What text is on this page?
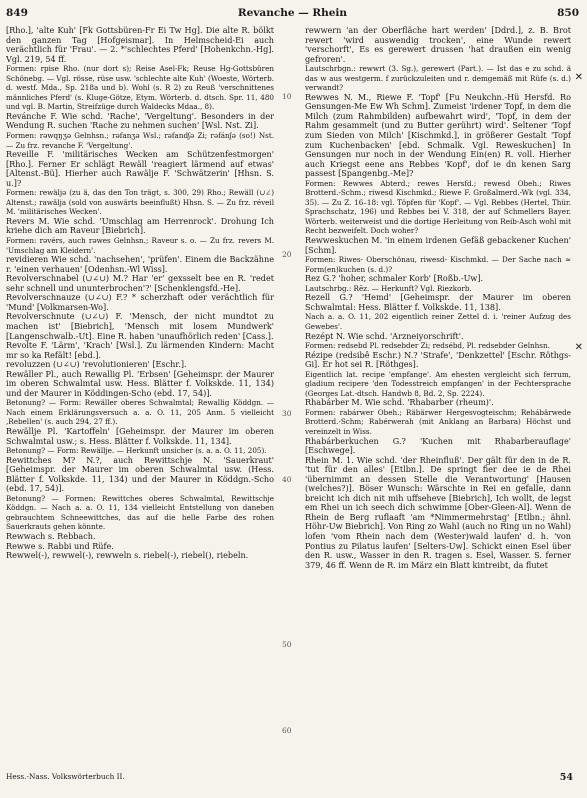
849	Revanche — Rhein	850

[Rho.], 'alte Kuh' [Fk Gottsbüren-Fr Ei Tw Hg]. Die alte R. bölkt den ganzen Tag [Hofgeismar]. In Helmscheid-Ei auch verächtlich für 'Frau'. — 2. *'schlechtes Pferd' [Hohenkchn.-Hg]. Vgl. 219, 54 ff.

Formen: rpise Rho. (nur dort s); Reise Asel-Fk; Reuse Hg-Gottsbüren Schönebg. — Vgl. rösse, rüse usw. 'schlechte alte Kuh' (Woeste, Wörterb. d. westf. Mda., Sp. 218a und b). Wohl (s. R 2) zu Reuß 'verschnittenes männliches Pferd' (s. Kluge-Götze, Etym. Wörterb. d. dtsch. Spr. 11, 480 und vgl. B. Martin, Streifzüge durch Waldecks Mdaa., 8).

Revánche F. Wie schd. 'Rache', 'Vergeltung'. Besonders in der Wendung R. suchen 'Rache zu nehmen suchen' [Wsl. Nst. Zi].

Formen: rəwqŋʒə Gelnhsn.; rəfanʒə Wsl.; rəfandʃə Zi; rəfánʃə (so!) Nst. — Zu frz. revanche F. 'Vergeltung'.

Reveille F. 'militärisches Wecken am Schützenfestmorgen' [Rho.]. Ferner Er schlägt Rewäll 'reagiert lärmend auf etwas' [Altenst.-Bü]. Hierher auch Rawälje F. 'Schwätzerin' [Hhsn. S. u.]?

Formen: rewäljə (zu ä, das den Ton trägt, s. 300, 29) Rho.; Rewäll (∪∠) Altenst.; rawälja (sold von auswärts beeinflußt) Hhsn. S. — Zu frz. réveil M. 'militärisches Wecken'.

Revers M. Wie schd. 'Umschlag am Herrenrock'. Drohung Ich kriehe dich am Raveur [Biebrich].

Formen: rəvérs, auch rəwes Gelnhsn.; Raveur s. o. — Zu frz. revers M. 'Umschlag am Kleidern'.

revidieren Wie schd. 'nachsehen', 'prüfen'. Einem die Backzähne r. 'einen verhauen' [Odenhsn.-Wl Wiss].

Revolverschnabel (∪∠∪) M.? Har 'er' gexsselt bee en R. 'redet sehr schnell und ununterbrochen'?' [Schenklengsfd.-He].

Revolverschnauze (∪∠∪) F.? * scherzhaft oder verächtlich für 'Mund' [Volkmarsen-Wo].

Revolverschnute (∪∠∪) F. 'Mensch, der nicht mundtot zu machen ist' [Biebrich], 'Mensch mit losem Mundwerk' [Langenschwalb.-Ut]. Eine R. haben 'unaufhörlich reden' [Cass.].

Revolte F. 'Lärm', 'Krach' [Wsl.]. Zu lärmenden Kindern: Macht mr so ka Refält! [ebd.].

revoluzzen (∪∠∪) 'revolutionieren' [Eschr.].

Rewäller Pl., auch Rewallig Pl. 'Erbsen' [Geheimspr. der Maurer im oberen Schwalmtal usw. Hess. Blätter f. Volkskde. 11, 134) und der Maurer in Köddingen-Scho (ebd. 17, 54)].

Betonung? — Form: Rewäller oberes Schwalmtal; Rewallig Köddgn. — Nach einem Erklärungsversuch a. a. O. 11, 205 Anm. 5 vielleicht ‚Rebellen' (s. auch 294, 27 ff.).

Rewällje Pl. 'Kartoffeln' [Geheimspr. der Maurer im oberen Schwalmtal usw.; s. Hess. Blätter f. Volkskde. 11, 134].

Betonung? — Form: Rewällje. — Herkunft unsicher (s. a. a. O. 11, 205).

Rewittches M? N.?, auch Rewittschje N. 'Sauerkraut' [Geheimspr. der Maurer im oberen Schwalmtal usw. (Hess. Blätter f. Volkskde. 11, 134) und der Maurer in Köddgn.-Scho (ebd. 17, 54)].

Betonung? — Formen: Rewittches oberes Schwalmtal, Rewittschje Köddgn. — Nach a. a. O. 11, 134 vielleicht Entstellung von daneben gebrauchtem Schneewittches, das auf die helle Farbe des rohen Sauerkrauts gehen könnte.

Rewwach s. Rebbach.

Rewwe s. Rabbi und Rüfe.

Rewwel(-), rewwel(-), rewweln s. riebel(-), riebel(), riebeln.

10
20
30
40
50
60

rewwern 'an der Oberfläche hart werden' [Ddrd.], z. B. Brot rewert 'wird auswendig trocken', eine Wunde rewert 'verschorft', Es es gerewert drussen 'hat draußen ein wenig gefroren'.

Lautschrbgn.: rewwrt (3. Sg.), gerewert (Part.). — Ist das e zu schd. ä das w aus westgerm. f zurückzuleiten und r. demgemäß mit Rüfe (s. d.) verwandt?

Rewwes N. M., Riewe F. 'Topf' [Fu Neukchn.-Hü Hersfd. Ro Gensungen-Me Ew Wh Schm]. Zumeist 'irdener Topf, in dem die Milch (zum Rahmbilden) aufbewahrt wird', 'Topf, in dem der Rahm gesammelt (und zu Butter gerührt) wird'. Seltener 'Topf zum Sieden von Milch' [Kischmkd.], in größerer Gestalt 'Topf zum Kuchenbacken' [ebd. Schmalk. Vgl. Reweskuchen] In Gensungen nur noch in der Wendung Ein(en) R. voll. Hierher auch Kriegst eene ans Rebbes 'Kopf', dof ie dn kenen Sarg passest [Spangenbg.-Me]?

Formen: Rewwes Abterd.; rewes Hersfd.; rewesd Obeh.; Riwes Brotterd.-Schm.; riwesd Kischmkd.; Riewe F. Großalmerd.-Wk (vgl. 334, 35). — Zu Z. 16–18: vgl. Töpfen für 'Kopf'. — Vgl. Rebbes (Hertel, Thür. Sprachschatz, 196) und Rebbes bei V. 318, der auf Schmellers Bayer. Wörterb. weiterweist und die dortige Herleitung von Reib-Asch wohl mit Recht bezweifelt. Doch woher?

Rewweskuchen M. 'in einem irdenen Gefäß gebackener Kuchen' [Schm].

Formen: Riwes- Oberschönau, riwesd- Kischmkd. — Der Sache nach ≈ Form(en)kuchen (s. d.)?

Rez G.? 'hoher, schmaler Korb' [Roßb.-Uw].

Lautschrbg.: Rēz. — Herkunft? Vgl. Riezkorb.

Rezell G.? 'Hemd' [Geheimspr. der Maurer im oberen Schwalmtal: Hess. Blätter f. Volkskde. 11, 138].

Nach a. a. O. 11, 202 eigentlich reiner Zettel d. i. 'reiner Aufzug des Gewebes'.

Rezépt N. Wie schd. 'Arzneiyorschrift'.

Formen: redsebd Pl. redsebder Zi; redsébd, Pl. redsebder Gelnhsn.

Rézipe (redsibê Eschr.) N.? 'Strafe', 'Denkzettel' [Eschr. Röthgs-Gi]. Er hot sei R. [Röthges].

Eigentlich lat. recipe 'empfange'. Am ehesten vergleicht sich ferrum, gladium recipere 'den Todesstreich empfangen' in der Fechtersprache (Georges Lat.-dtsch. Handwb 8, Bd. 2, Sp. 2224).

Rhabárber M. Wie schd. 'Rhabarber (rheum)'.

Formen: rabárwer Obeh.; Räbärwer Hergesvogteischm; Rehábärwede Brotterd.-Schm; Rabérwerah (mit Anklang an Barbara) Höchst und vereinzelt in Wiss.

Rhabárberkuchen G.? 'Kuchen mit Rhabarberauflage' [Eschwege].

Rhein M. 1. Wie schd. 'der Rheinfluß'. Der gält für den in de R. 'tut für den alles' [Etlbn.]. De springt fier dee ie de Rhei 'übernimmt an dessen Stelle die Verantwortung' [Hausen (welches?)]. Böser Wunsch: Wärschte in Rei en gefalle, dann breicht ich dich nit mih uffseheve [Biebrich], Ich wollt, de legst em Rhei un ich seech dich schwimme [Ober-Gleen-Al]. Wenn de Rhein de Berg ruflaaft 'am *Nimmermehrstag' [Etlbn.; ähnl. Höhr-Uw Biebrich]. Von Ring zo Wahl (auch no Ring un no Wahl) lofen 'vom Rhein nach dem (Wester)wald laufen' d. h. 'von Pontius zu Pilatus laufen' [Selters-Uw]. Schickt einen Esel über den R. usw., Wasser in den R. tragen s. Esel, Wasser. S. ferner 379, 46 ff. Wenn de R. im März ein Blatt kintreibt, da flutet

✕
✕
Hess.-Nass. Volkswörterbuch II.	54
